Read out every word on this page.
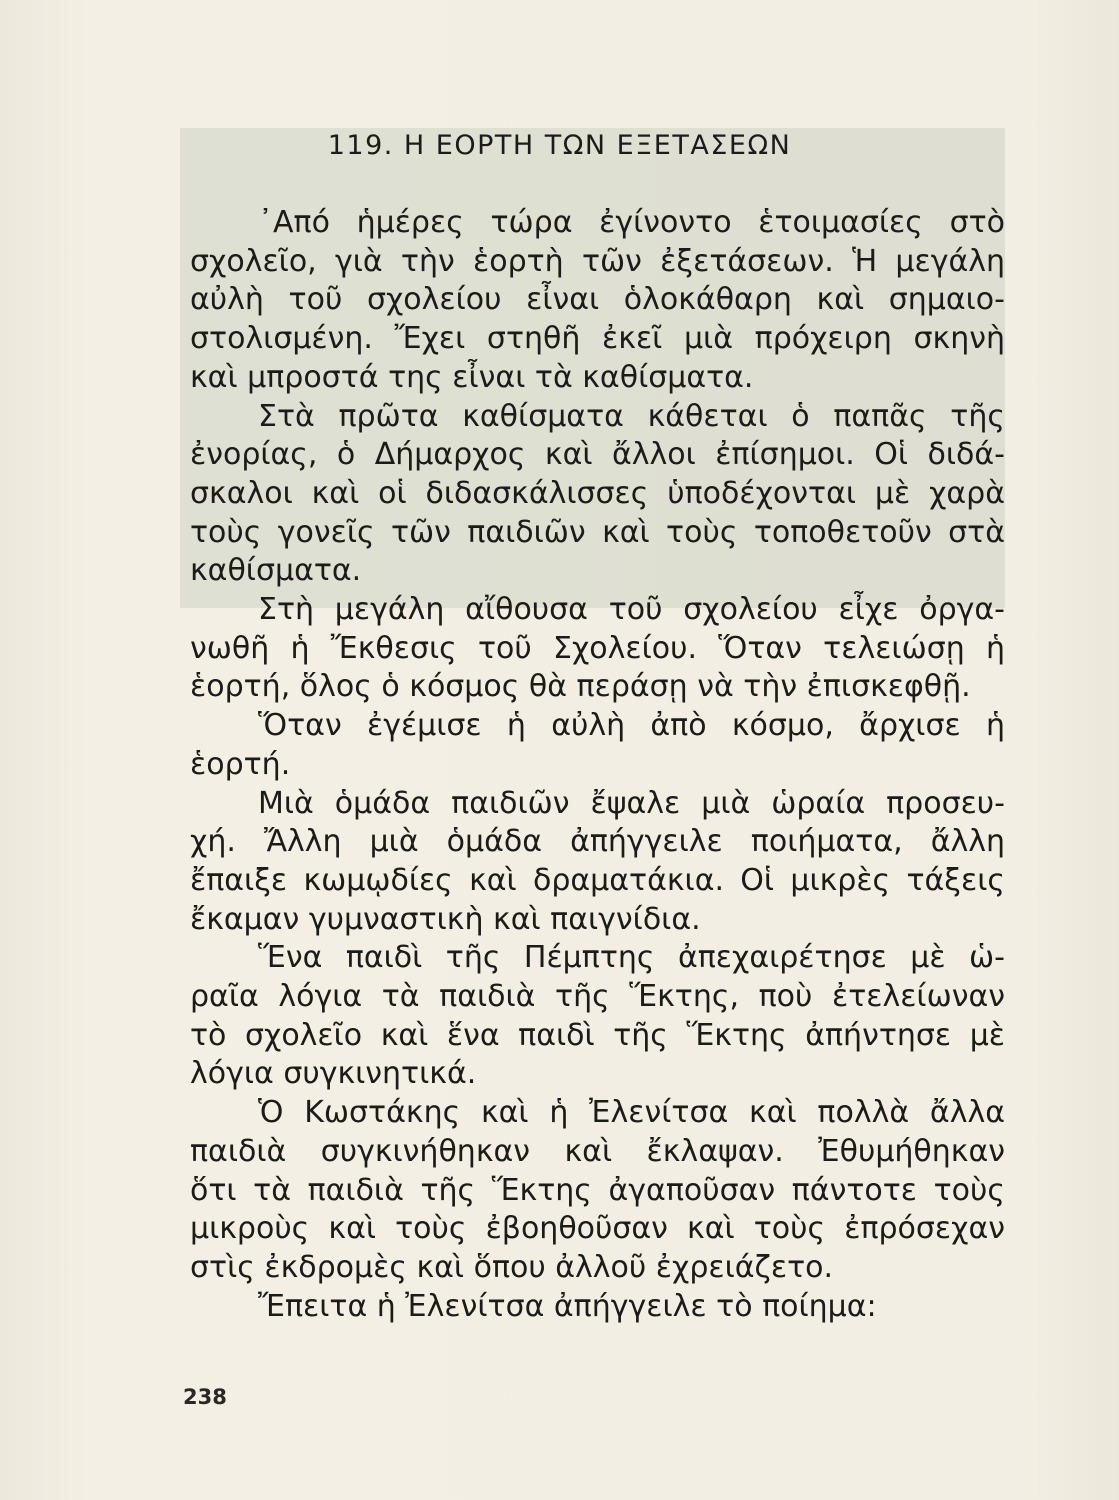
119. Η ΕΟΡΤΗ ΤΩΝ ΕΞΕΤΑΣΕΩΝ
᾿Από ἡμέρες τώρα ἐγίνοντο ἑτοιμασίες στὸ
σχολεῖο, γιὰ τὴν ἑορτὴ τῶν ἐξετάσεων. Ἡ μεγάλη
αὐλὴ τοῦ σχολείου εἶναι ὁλοκάθαρη καὶ σημαιο-
στολισμένη. Ἔχει στηθῆ ἐκεῖ μιὰ πρόχειρη σκηνὴ
καὶ μπροστά της εἶναι τὰ καθίσματα.
Στὰ πρῶτα καθίσματα κάθεται ὁ παπᾶς τῆς
ἐνορίας, ὁ Δήμαρχος καὶ ἄλλοι ἐπίσημοι. Οἱ διδά-
σκαλοι καὶ οἱ διδασκάλισσες ὑποδέχονται μὲ χαρὰ
τοὺς γονεῖς τῶν παιδιῶν καὶ τοὺς τοποθετοῦν στὰ
καθίσματα.
Στὴ μεγάλη αἴθουσα τοῦ σχολείου εἶχε ὀργα-
νωθῆ ἡ Ἔκθεσις τοῦ Σχολείου. Ὅταν τελειώσῃ ἡ
ἑορτή, ὅλος ὁ κόσμος θὰ περάσῃ νὰ τὴν ἐπισκεφθῇ.
Ὅταν ἐγέμισε ἡ αὐλὴ ἀπὸ κόσμο, ἄρχισε ἡ
ἑορτή.
Μιὰ ὁμάδα παιδιῶν ἔψαλε μιὰ ὡραία προσευ-
χή. Ἄλλη μιὰ ὁμάδα ἀπήγγειλε ποιήματα, ἄλλη
ἔπαιξε κωμῳδίες καὶ δραματάκια. Οἱ μικρὲς τάξεις
ἔκαμαν γυμναστικὴ καὶ παιγνίδια.
Ἕνα παιδὶ τῆς Πέμπτης ἀπεχαιρέτησε μὲ ὡ-
ραῖα λόγια τὰ παιδιὰ τῆς Ἕκτης, ποὺ ἐτελείωναν
τὸ σχολεῖο καὶ ἕνα παιδὶ τῆς Ἕκτης ἀπήντησε μὲ
λόγια συγκινητικά.
Ὁ Κωστάκης καὶ ἡ Ἐλενίτσα καὶ πολλὰ ἄλλα
παιδιὰ συγκινήθηκαν καὶ ἔκλαψαν. Ἐθυμήθηκαν
ὅτι τὰ παιδιὰ τῆς Ἕκτης ἀγαποῦσαν πάντοτε τοὺς
μικροὺς καὶ τοὺς ἐβοηθοῦσαν καὶ τοὺς ἐπρόσεχαν
στὶς ἐκδρομὲς καὶ ὅπου ἀλλοῦ ἐχρειάζετο.
Ἔπειτα ἡ Ἐλενίτσα ἀπήγγειλε τὸ ποίημα:
238
